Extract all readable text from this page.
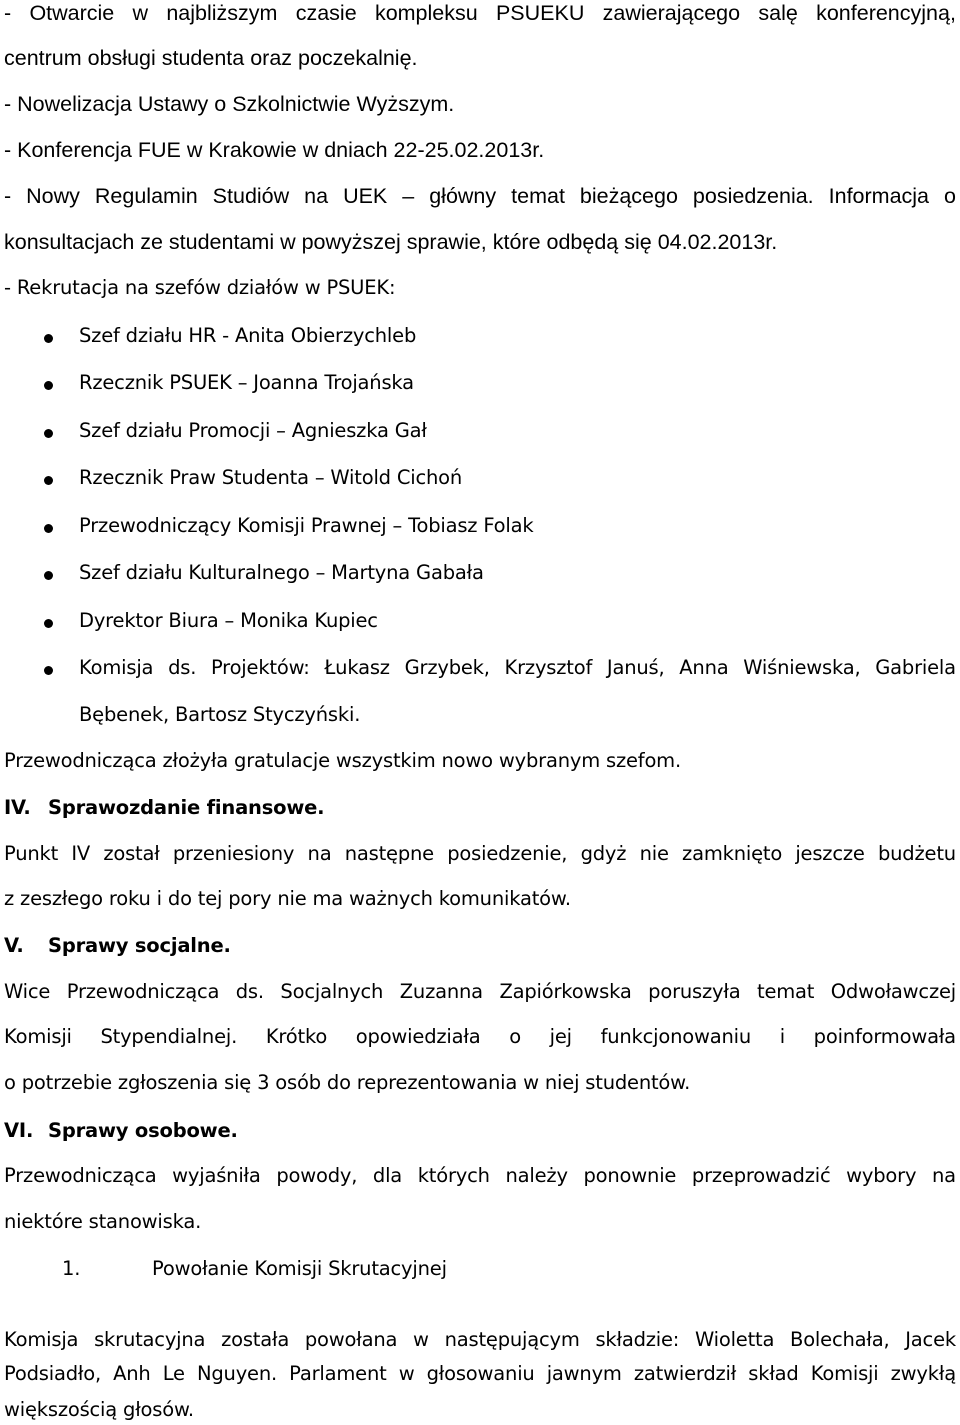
- Otwarcie w najbliższym czasie kompleksu PSUEKU zawierającego salę konferencyjną,
centrum obsługi studenta oraz poczekalnię.
- Nowelizacja Ustawy o Szkolnictwie Wyższym.
- Konferencja FUE w Krakowie w dniach 22-25.02.2013r.
- Nowy Regulamin Studiów na UEK – główny temat bieżącego posiedzenia. Informacja o
konsultacjach ze studentami w powyższej sprawie, które odbędą się 04.02.2013r.
- Rekrutacja na szefów działów w PSUEK:
Szef działu HR - Anita Obierzychleb
Rzecznik PSUEK – Joanna Trojańska
Szef działu Promocji – Agnieszka Gał
Rzecznik Praw Studenta – Witold Cichoń
Przewodniczący Komisji Prawnej – Tobiasz Folak
Szef działu Kulturalnego – Martyna Gabała
Dyrektor Biura – Monika Kupiec
Komisja ds. Projektów: Łukasz Grzybek, Krzysztof Januś, Anna Wiśniewska, Gabriela
Bębenek, Bartosz Styczyński.
Przewodnicząca złożyła gratulacje wszystkim nowo wybranym szefom.
IV. Sprawozdanie finansowe.
Punkt IV został przeniesiony na następne posiedzenie, gdyż nie zamknięto jeszcze budżetu
z zeszłego roku i do tej pory nie ma ważnych komunikatów.
V. Sprawy socjalne.
Wice Przewodnicząca ds. Socjalnych Zuzanna Zapiórkowska poruszyła temat Odwoławczej
Komisji Stypendialnej. Krótko opowiedziała o jej funkcjonowaniu i poinformowała
o potrzebie zgłoszenia się 3 osób do reprezentowania w niej studentów.
VI. Sprawy osobowe.
Przewodnicząca wyjaśniła powody, dla których należy ponownie przeprowadzić wybory na
niektóre stanowiska.
1.	Powołanie Komisji Skrutacyjnej
Komisja skrutacyjna została powołana w następującym składzie: Wioletta Bolechała, Jacek
Podsiadło, Anh Le Nguyen. Parlament w głosowaniu jawnym zatwierdził skład Komisji zwykłą
większością głosów.
